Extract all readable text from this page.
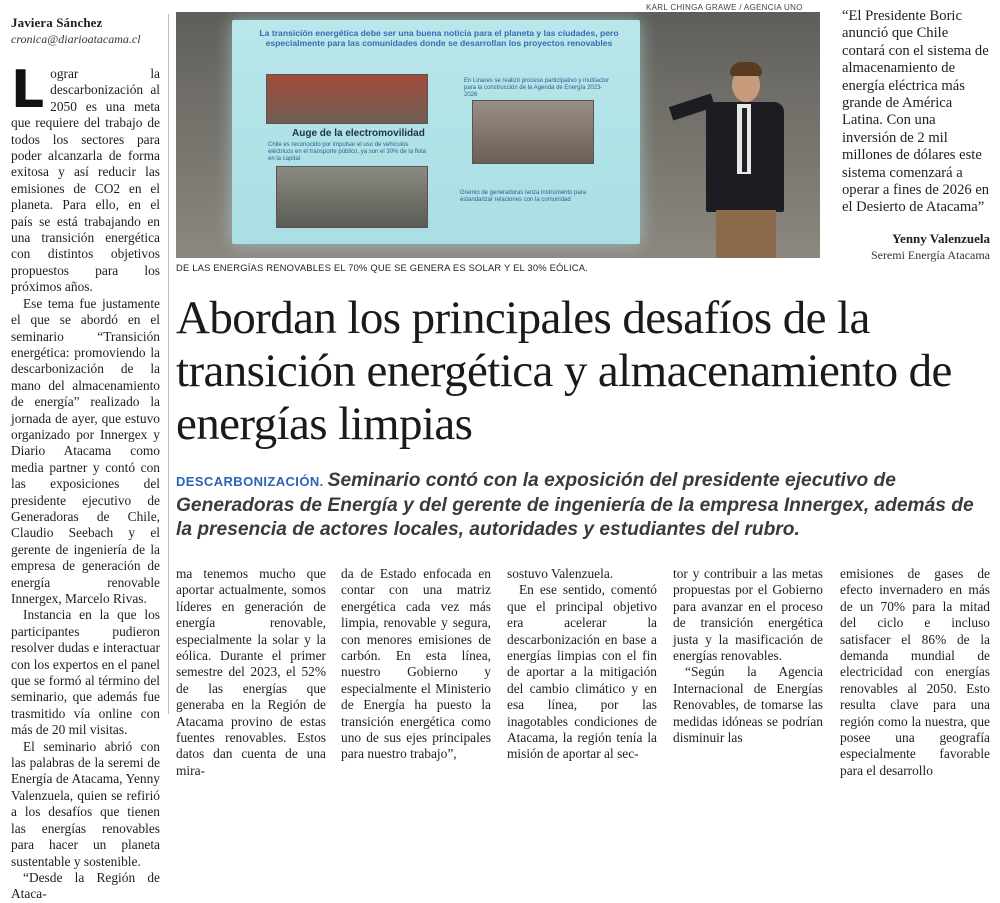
Javiera Sánchez
cronica@diarioatacama.cl

Lograr la descarbonización al 2050 es una meta que requiere del trabajo de todos los sectores para poder alcanzarla de forma exitosa y así reducir las emisiones de CO2 en el planeta. Para ello, en el país se está trabajando en una transición energética con distintos objetivos propuestos para los próximos años.

Ese tema fue justamente el que se abordó en el seminario “Transición energética: promoviendo la descarbonización de la mano del almacenamiento de energía” realizado la jornada de ayer, que estuvo organizado por Innergex y Diario Atacama como media partner y contó con las exposiciones del presidente ejecutivo de Generadoras de Chile, Claudio Seebach y el gerente de ingeniería de la empresa de generación de energía renovable Innergex, Marcelo Rivas.

Instancia en la que los participantes pudieron resolver dudas e interactuar con los expertos en el panel que se formó al término del seminario, que además fue trasmitido vía online con más de 20 mil visitas.

El seminario abrió con las palabras de la seremi de Energía de Atacama, Yenny Valenzuela, quien se refirió a los desafíos que tienen las energías renovables para hacer un planeta sustentable y sostenible.

“Desde la Región de Ataca-

KARL CHINGA GRAWE / AGENCIA UNO
La transición energética debe ser una buena noticia para el planeta y las ciudades, pero especialmente para las comunidades donde se desarrollan los proyectos renovables
Auge de la electromovilidad
Chile es reconocido por impulsar el uso de vehículos eléctricos en el transporte público, ya son el 30% de la flota en la capital
En Linares se realizó proceso participativo y multiactor para la construcción de la Agenda de Energía 2023-2026
Gremio de generadoras lanza instrumento para estandarizar relaciones con la comunidad
DE LAS ENERGÍAS RENOVABLES EL 70% QUE SE GENERA ES SOLAR Y EL 30% EÓLICA.
“El Presidente Boric anunció que Chile contará con el sistema de almacenamiento de energía eléctrica más grande de América Latina. Con una inversión de 2 mil millones de dólares este sistema comenzará a operar a fines de 2026 en el Desierto de Atacama”
Yenny Valenzuela
Seremi Energía Atacama
Abordan los principales desafíos de la transición energética y almacenamiento de energías limpias

DESCARBONIZACIÓN. Seminario contó con la exposición del presidente ejecutivo de Generadoras de Energía y del gerente de ingeniería de la empresa Innergex, además de la presencia de actores locales, autoridades y estudiantes del rubro.

ma tenemos mucho que aportar actualmente, somos líderes en generación de energía renovable, especialmente la solar y la eólica. Durante el primer semestre del 2023, el 52% de las energías que generaba en la Región de Atacama provino de estas fuentes renovables. Estos datos dan cuenta de una mira-

da de Estado enfocada en contar con una matriz energética cada vez más limpia, renovable y segura, con menores emisiones de carbón. En esta línea, nuestro Gobierno y especialmente el Ministerio de Energía ha puesto la transición energética como uno de sus ejes principales para nuestro trabajo”,

sostuvo Valenzuela.

En ese sentido, comentó que el principal objetivo era acelerar la descarbonización en base a energías limpias con el fin de aportar a la mitigación del cambio climático y en esa línea, por las inagotables condiciones de Atacama, la región tenía la misión de aportar al sec-

tor y contribuir a las metas propuestas por el Gobierno para avanzar en el proceso de transición energética justa y la masificación de energías renovables.

“Según la Agencia Internacional de Energías Renovables, de tomarse las medidas idóneas se podrían disminuir las

emisiones de gases de efecto invernadero en más de un 70% para la mitad del ciclo e incluso satisfacer el 86% de la demanda mundial de electricidad con energías renovables al 2050. Esto resulta clave para una región como la nuestra, que posee una geografía especialmente favorable para el desarrollo
